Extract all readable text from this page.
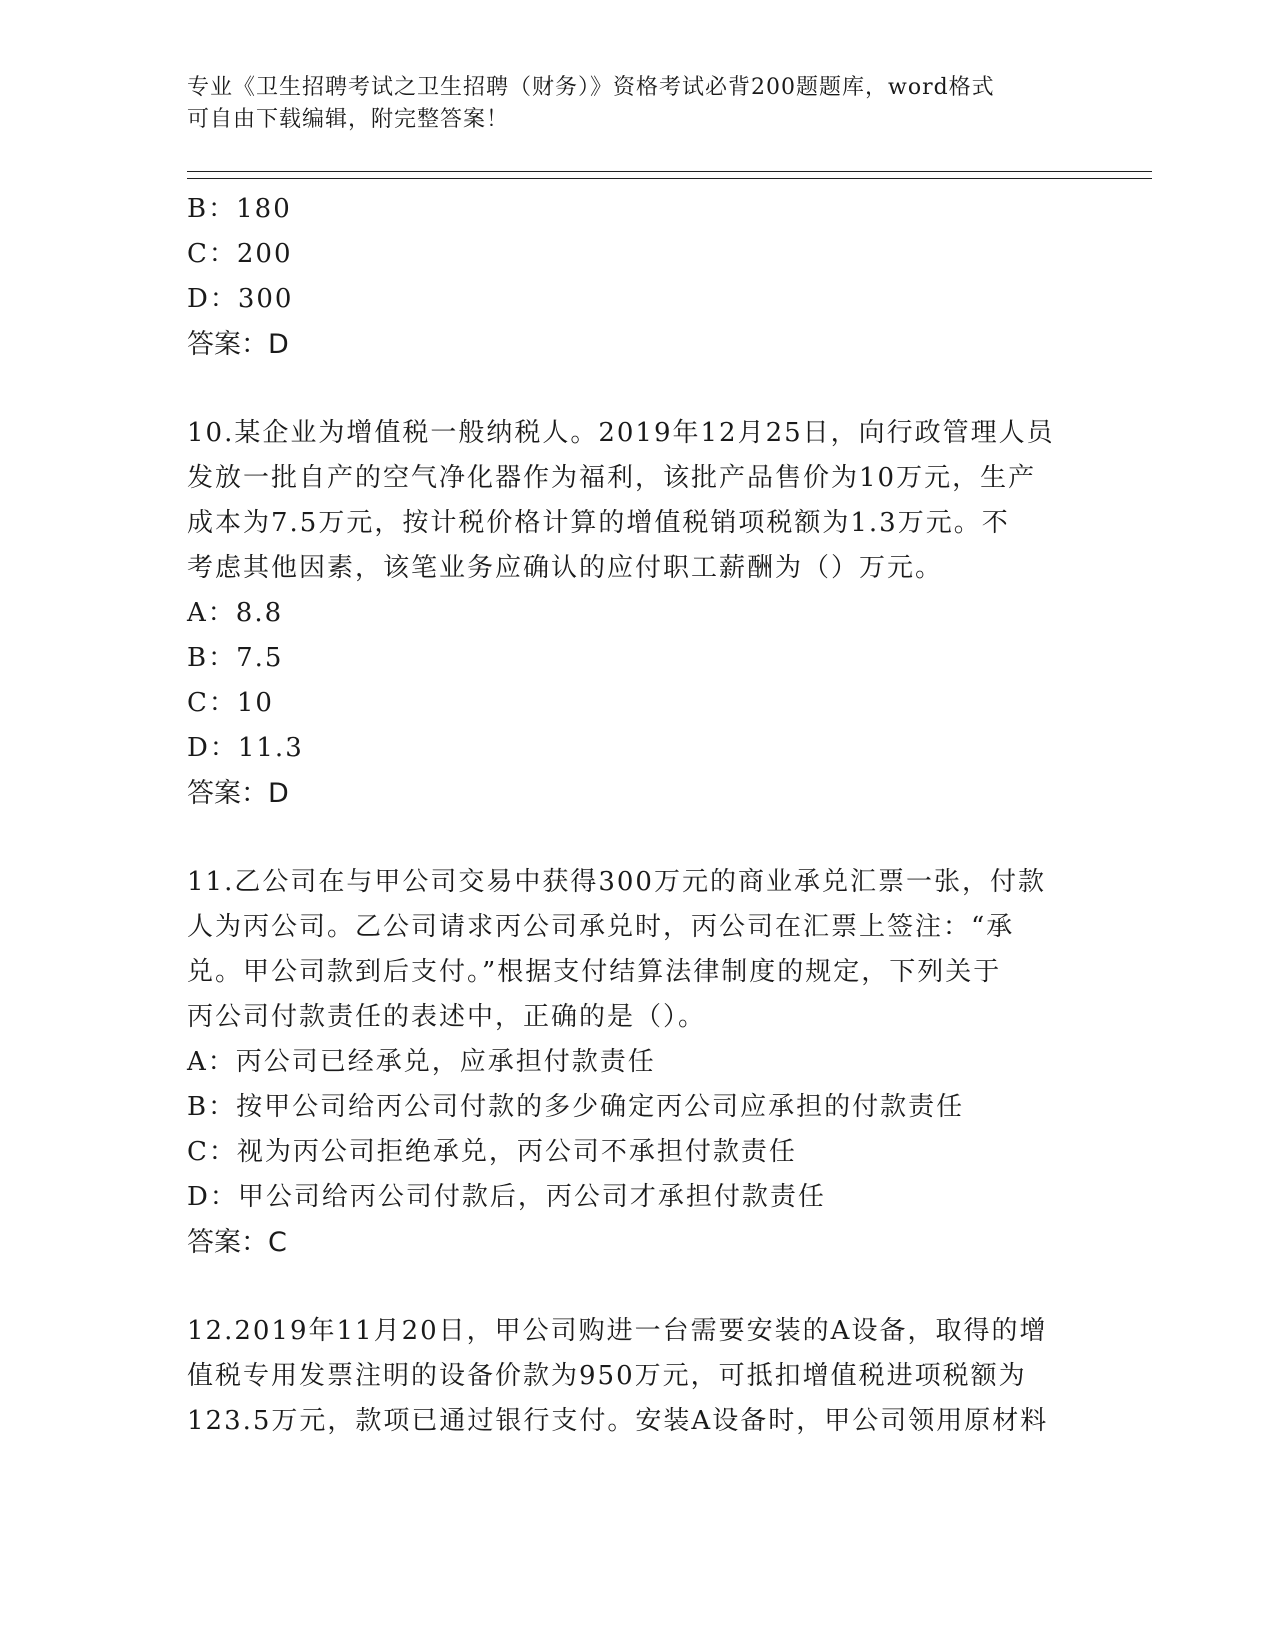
专业《卫生招聘考试之卫生招聘（财务）》资格考试必背200题题库，word格式
可自由下载编辑，附完整答案！
B：180
C：200
D：300
答案：D
10.某企业为增值税一般纳税人。2019年12月25日，向行政管理人员
发放一批自产的空气净化器作为福利，该批产品售价为10万元，生产
成本为7.5万元，按计税价格计算的增值税销项税额为1.3万元。不
考虑其他因素，该笔业务应确认的应付职工薪酬为（）万元。
A：8.8
B：7.5
C：10
D：11.3
答案：D
11.乙公司在与甲公司交易中获得300万元的商业承兑汇票一张，付款
人为丙公司。乙公司请求丙公司承兑时，丙公司在汇票上签注：“承
兑。甲公司款到后支付。”根据支付结算法律制度的规定，下列关于
丙公司付款责任的表述中，正确的是（）。
A：丙公司已经承兑，应承担付款责任
B：按甲公司给丙公司付款的多少确定丙公司应承担的付款责任
C：视为丙公司拒绝承兑，丙公司不承担付款责任
D：甲公司给丙公司付款后，丙公司才承担付款责任
答案：C
12.2019年11月20日，甲公司购进一台需要安装的A设备，取得的增
值税专用发票注明的设备价款为950万元，可抵扣增值税进项税额为
123.5万元，款项已通过银行支付。安装A设备时，甲公司领用原材料
